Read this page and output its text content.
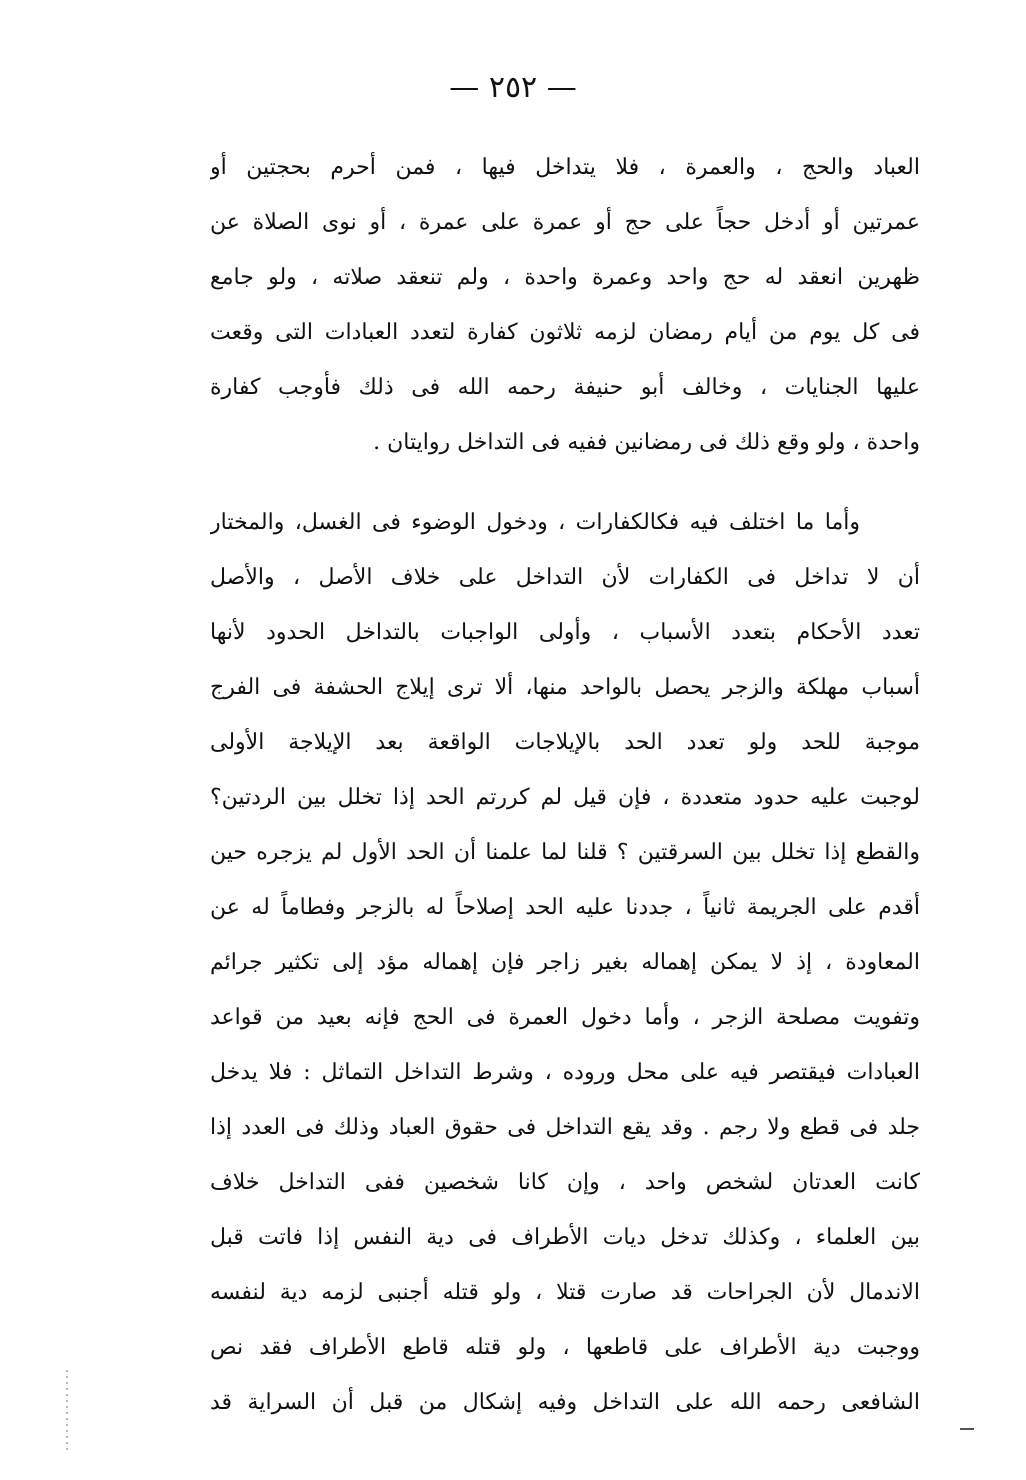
— ٢٥٢ —

العباد والحج ، والعمرة ، فلا يتداخل فيها ، فمن أحرم بحجتين أو

عمرتين أو أدخل حجاً على حج أو عمرة على عمرة ، أو نوى الصلاة عن

ظهرين انعقد له حج واحد وعمرة واحدة ، ولم تنعقد صلاته ، ولو جامع

فى كل يوم من أيام رمضان لزمه ثلاثون كفارة لتعدد العبادات التى وقعت

عليها الجنايات ، وخالف أبو حنيفة رحمه الله فى ذلك فأوجب كفارة

واحدة ، ولو وقع ذلك فى رمضانين ففيه فى التداخل روايتان .

وأما ما اختلف فيه فكالكفارات ، ودخول الوضوء فى الغسل، والمختار

أن لا تداخل فى الكفارات لأن التداخل على خلاف الأصل ، والأصل

تعدد الأحكام بتعدد الأسباب ، وأولى الواجبات بالتداخل الحدود لأنها

أسباب مهلكة والزجر يحصل بالواحد منها، ألا ترى إيلاج الحشفة فى الفرج

موجبة للحد ولو تعدد الحد بالإيلاجات الواقعة بعد الإيلاجة الأولى

لوجبت عليه حدود متعددة ، فإن قيل لم كررتم الحد إذا تخلل بين الردتين؟

والقطع إذا تخلل بين السرقتين ؟ قلنا لما علمنا أن الحد الأول لم يزجره حين

أقدم على الجريمة ثانياً ، جددنا عليه الحد إصلاحاً له بالزجر وفطاماً له عن

المعاودة ، إذ لا يمكن إهماله بغير زاجر فإن إهماله مؤد إلى تكثير جرائم

وتفويت مصلحة الزجر ، وأما دخول العمرة فى الحج فإنه بعيد من قواعد

العبادات فيقتصر فيه على محل وروده ، وشرط التداخل التماثل : فلا يدخل

جلد فى قطع ولا رجم . وقد يقع التداخل فى حقوق العباد وذلك فى العدد إذا

كانت العدتان لشخص واحد ، وإن كانا شخصين ففى التداخل خلاف

بين العلماء ، وكذلك تدخل ديات الأطراف فى دية النفس إذا فاتت قبل

الاندمال لأن الجراحات قد صارت قتلا ، ولو قتله أجنبى لزمه دية لنفسه

ووجبت دية الأطراف على قاطعها ، ولو قتله قاطع الأطراف فقد نص

الشافعى رحمه الله على التداخل وفيه إشكال من قبل أن السراية قد
